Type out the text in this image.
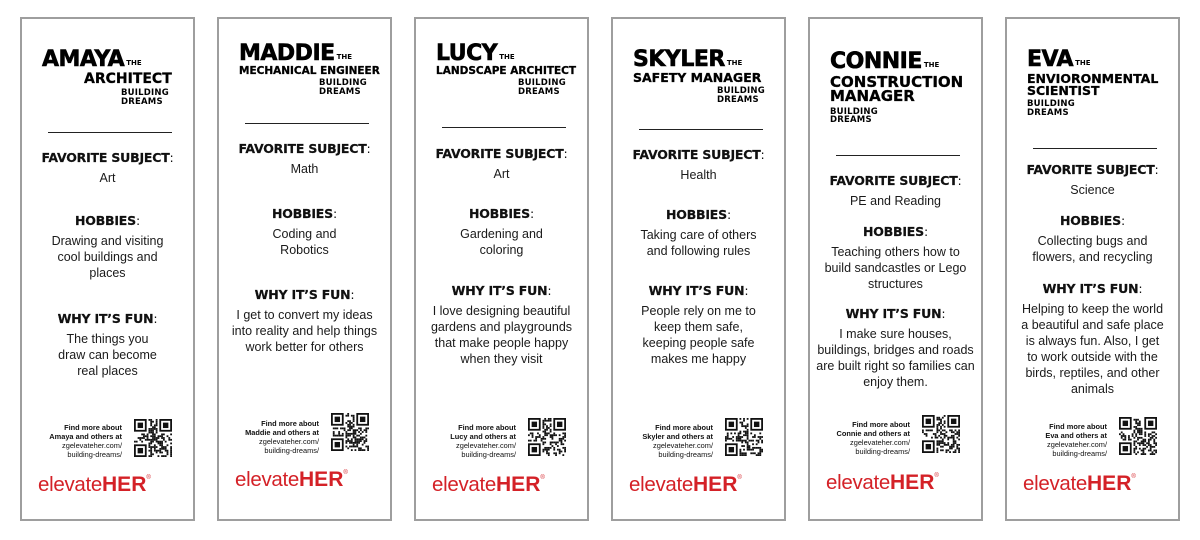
AMAYA $^{THE}$
ARCHITECT
BUILDING
DREAMS
FAVORITE SUBJECT:
Art
HOBBIES:
Drawing and visiting cool buildings and places
WHY IT’S FUN:
The things you draw can become real places
Find more about
Amaya and others at
zgelevateher.com/
building-dreams/
elevateHER®
MADDIE $^{THE}$
MECHANICAL ENGINEER
BUILDING
DREAMS
FAVORITE SUBJECT:
Math
HOBBIES:
Coding and Robotics
WHY IT’S FUN:
I get to convert my ideas into reality and help things work better for others
Find more about
Maddie and others at
zgelevateher.com/
building-dreams/
elevateHER®
LUCY $^{THE}$
LANDSCAPE ARCHITECT
BUILDING
DREAMS
FAVORITE SUBJECT:
Art
HOBBIES:
Gardening and coloring
WHY IT’S FUN:
I love designing beautiful gardens and playgrounds that make people happy when they visit
Find more about
Lucy and others at
zgelevateher.com/
building-dreams/
elevateHER®
SKYLER $^{THE}$
SAFETY MANAGER
BUILDING
DREAMS
FAVORITE SUBJECT:
Health
HOBBIES:
Taking care of others and following rules
WHY IT’S FUN:
People rely on me to keep them safe, keeping people safe makes me happy
Find more about
Skyler and others at
zgelevateher.com/
building-dreams/
elevateHER®
CONNIE $^{THE}$
CONSTRUCTION MANAGER
BUILDING
DREAMS
FAVORITE SUBJECT:
PE and Reading
HOBBIES:
Teaching others how to build sandcastles or Lego structures
WHY IT’S FUN:
I make sure houses, buildings, bridges and roads are built right so families can enjoy them.
Find more about
Connie and others at
zgelevateher.com/
building-dreams/
elevateHER®
EVA $^{THE}$
ENVIORONMENTAL SCIENTIST
BUILDING
DREAMS
FAVORITE SUBJECT:
Science
HOBBIES:
Collecting bugs and flowers, and recycling
WHY IT’S FUN:
Helping to keep the world a beautiful and safe place is always fun. Also, I get to work outside with the birds, reptiles, and other animals
Find more about
Eva and others at
zgelevateher.com/
building-dreams/
elevateHER®
